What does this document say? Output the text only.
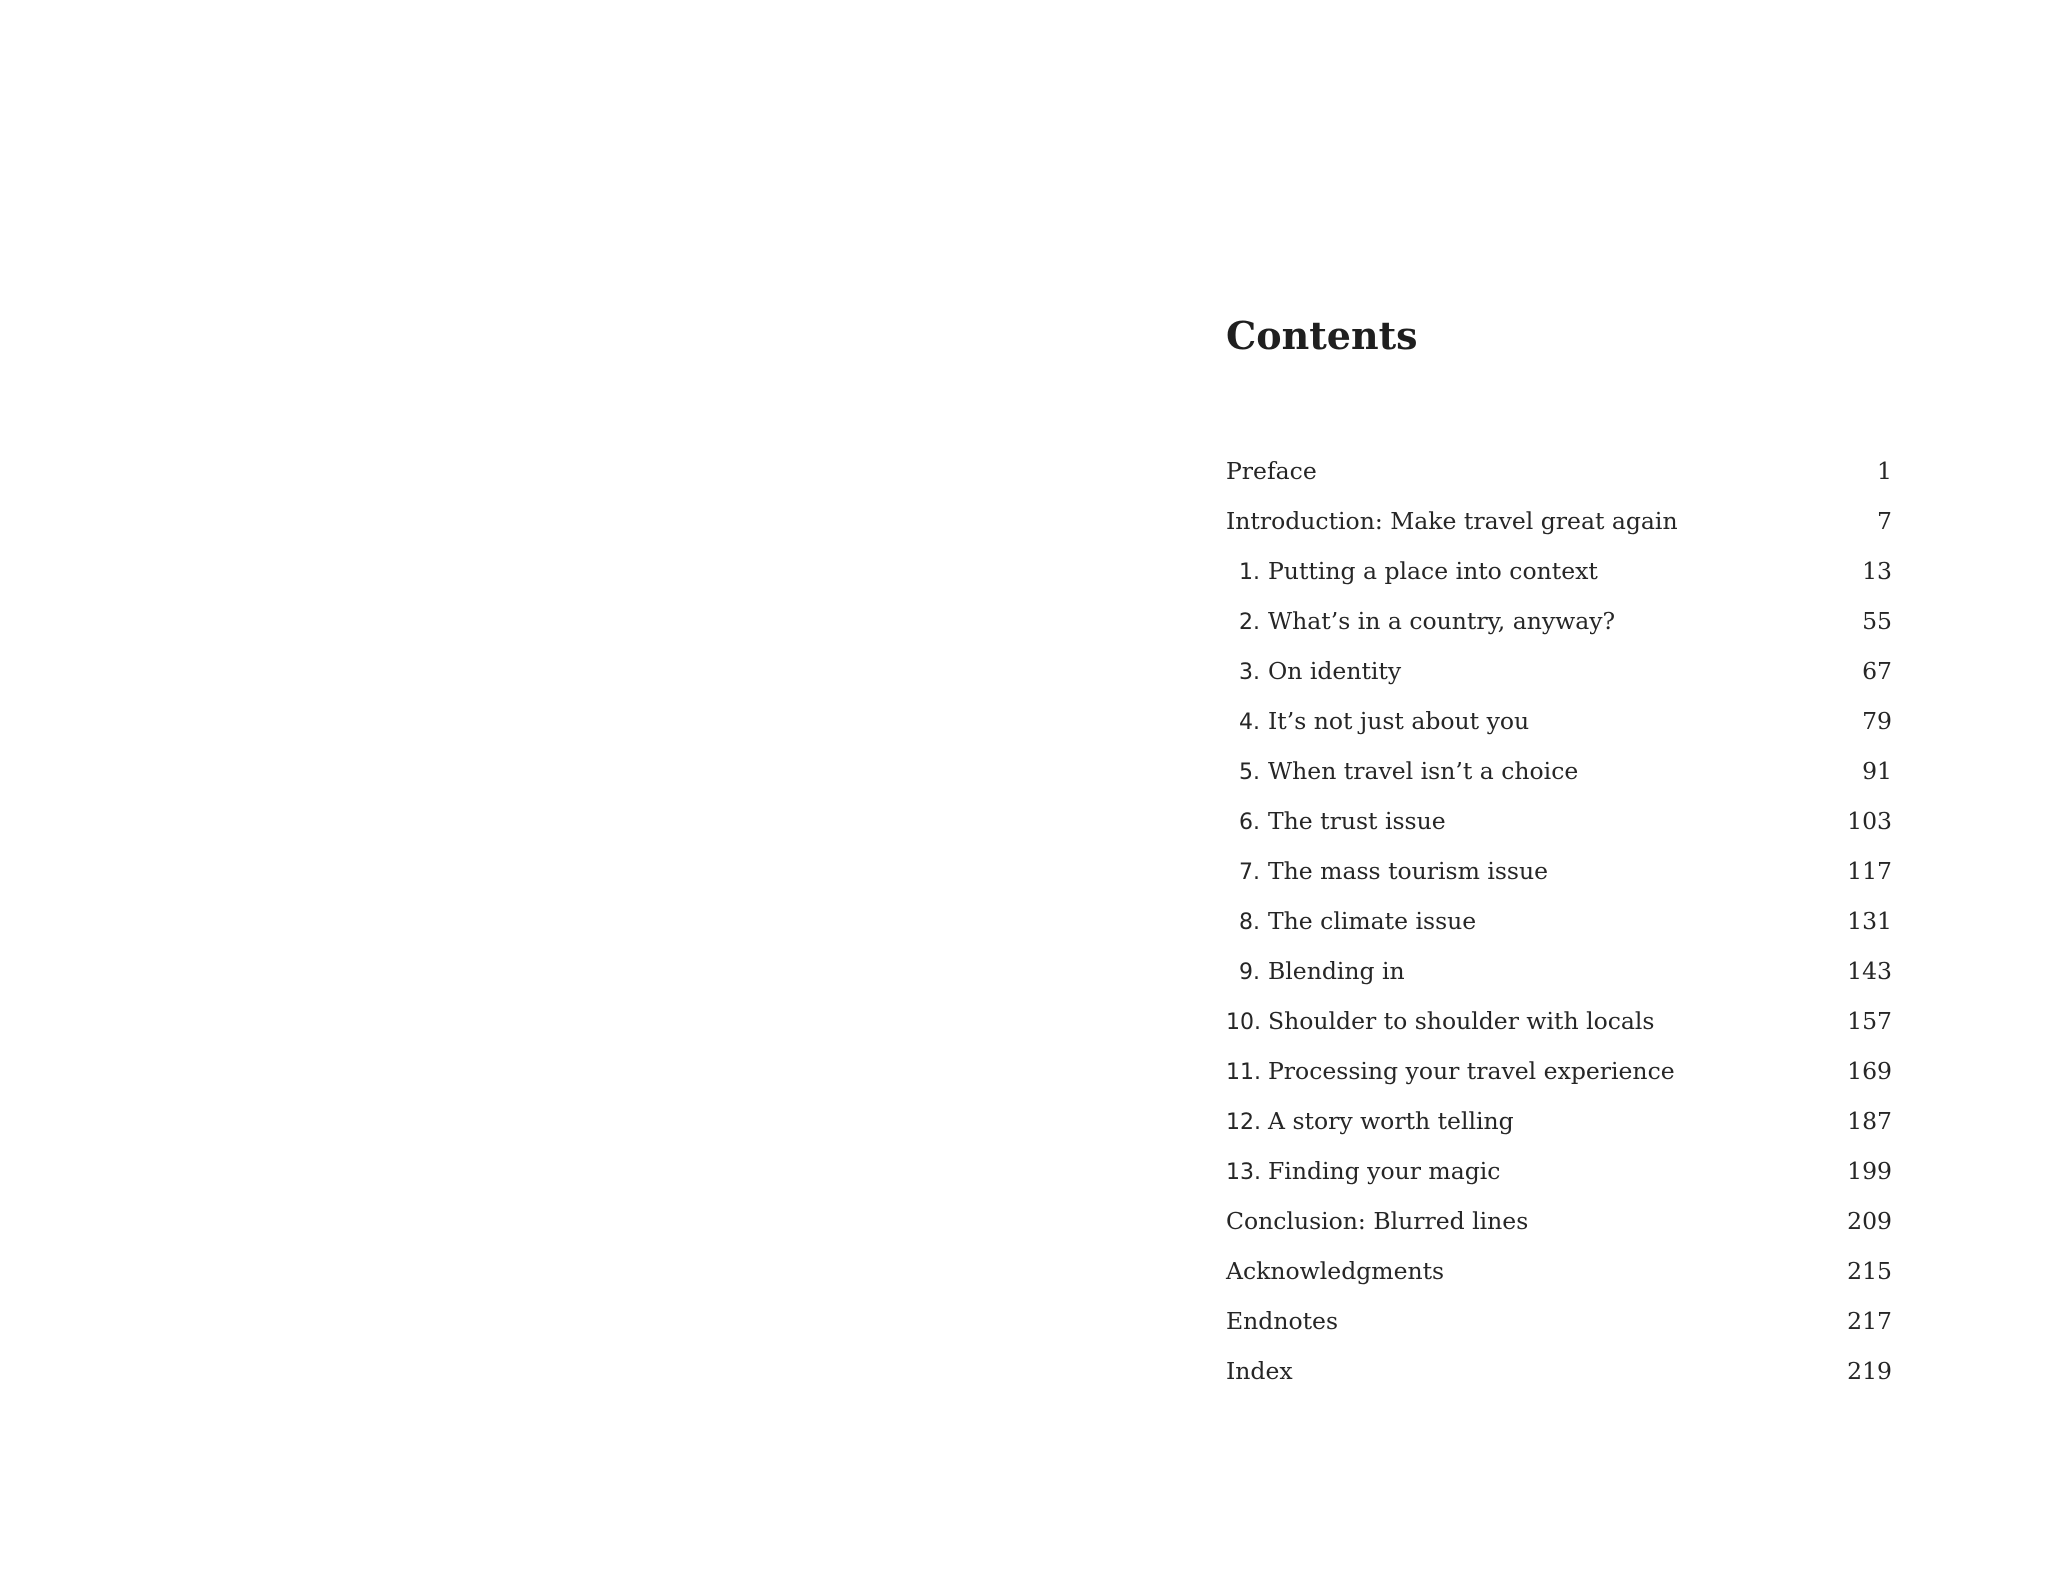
Contents
Preface	1
Introduction: Make travel great again	7
1. Putting a place into context	13
2. What’s in a country, anyway?	55
3. On identity	67
4. It’s not just about you	79
5. When travel isn’t a choice	91
6. The trust issue	103
7. The mass tourism issue	117
8. The climate issue	131
9. Blending in	143
10. Shoulder to shoulder with locals	157
11. Processing your travel experience	169
12. A story worth telling	187
13. Finding your magic	199
Conclusion: Blurred lines	209
Acknowledgments	215
Endnotes	217
Index	219
